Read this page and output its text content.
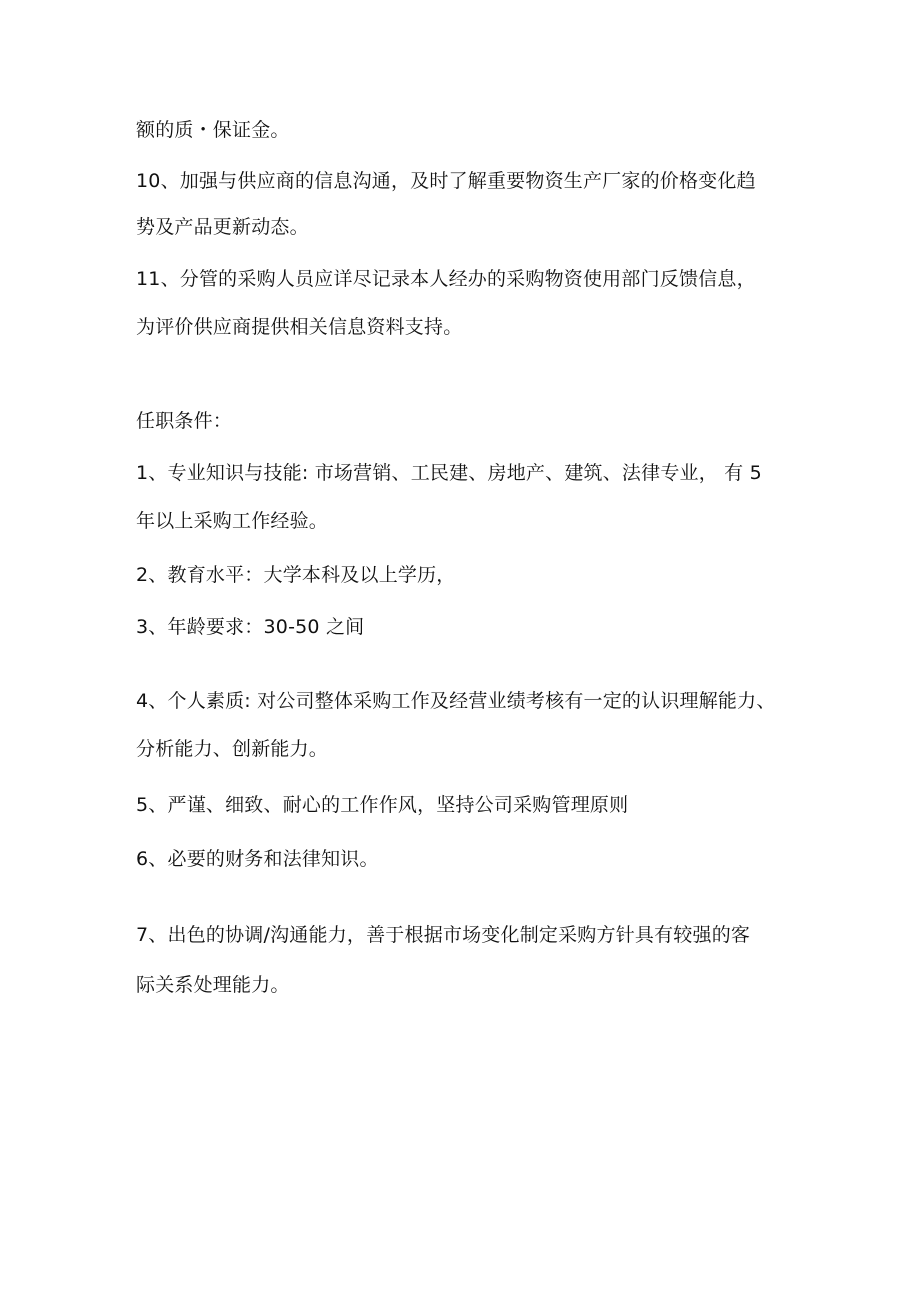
额的质・保证金。
10、加强与供应商的信息沟通，及时了解重要物资生产厂家的价格变化趋
势及产品更新动态。
11、分管的采购人员应详尽记录本人经办的采购物资使用部门反馈信息，
为评价供应商提供相关信息资料支持。
任职条件：
1、专业知识与技能: 市场营销、工民建、房地产、建筑、法律专业， 有 5
年以上采购工作经验。
2、教育水平：大学本科及以上学历，
3、年龄要求：30-50 之间
4、个人素质: 对公司整体采购工作及经营业绩考核有一定的认识理解能力、
分析能力、创新能力。
5、严谨、细致、耐心的工作作风，坚持公司采购管理原则
6、必要的财务和法律知识。
7、出色的协调/沟通能力，善于根据市场变化制定采购方针具有较强的客
际关系处理能力。
